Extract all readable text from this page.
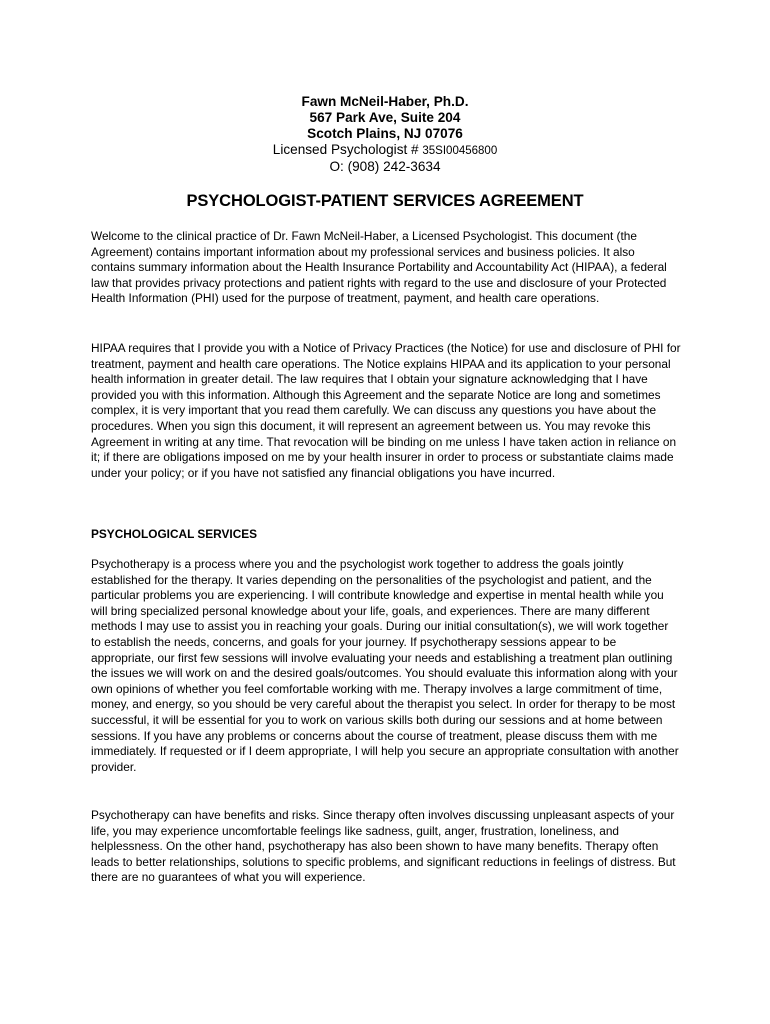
Fawn McNeil-Haber, Ph.D.
567 Park Ave, Suite 204
Scotch Plains, NJ 07076
Licensed Psychologist # 35SI00456800
O: (908) 242-3634
PSYCHOLOGIST-PATIENT SERVICES AGREEMENT

Welcome to the clinical practice of Dr. Fawn McNeil-Haber, a Licensed Psychologist. This document (the Agreement) contains important information about my professional services and business policies. It also contains summary information about the Health Insurance Portability and Accountability Act (HIPAA), a federal law that provides privacy protections and patient rights with regard to the use and disclosure of your Protected Health Information (PHI) used for the purpose of treatment, payment, and health care operations.

HIPAA requires that I provide you with a Notice of Privacy Practices (the Notice) for use and disclosure of PHI for treatment, payment and health care operations. The Notice explains HIPAA and its application to your personal health information in greater detail. The law requires that I obtain your signature acknowledging that I have provided you with this information. Although this Agreement and the separate Notice are long and sometimes complex, it is very important that you read them carefully. We can discuss any questions you have about the procedures. When you sign this document, it will represent an agreement between us. You may revoke this Agreement in writing at any time. That revocation will be binding on me unless I have taken action in reliance on it; if there are obligations imposed on me by your health insurer in order to process or substantiate claims made under your policy; or if you have not satisfied any financial obligations you have incurred.

PSYCHOLOGICAL SERVICES

Psychotherapy is a process where you and the psychologist work together to address the goals jointly established for the therapy. It varies depending on the personalities of the psychologist and patient, and the particular problems you are experiencing. I will contribute knowledge and expertise in mental health while you will bring specialized personal knowledge about your life, goals, and experiences. There are many different methods I may use to assist you in reaching your goals. During our initial consultation(s), we will work together to establish the needs, concerns, and goals for your journey. If psychotherapy sessions appear to be appropriate, our first few sessions will involve evaluating your needs and establishing a treatment plan outlining the issues we will work on and the desired goals/outcomes. You should evaluate this information along with your own opinions of whether you feel comfortable working with me. Therapy involves a large commitment of time, money, and energy, so you should be very careful about the therapist you select. In order for therapy to be most successful, it will be essential for you to work on various skills both during our sessions and at home between sessions. If you have any problems or concerns about the course of treatment, please discuss them with me immediately. If requested or if I deem appropriate, I will help you secure an appropriate consultation with another provider.

Psychotherapy can have benefits and risks. Since therapy often involves discussing unpleasant aspects of your life, you may experience uncomfortable feelings like sadness, guilt, anger, frustration, loneliness, and helplessness. On the other hand, psychotherapy has also been shown to have many benefits. Therapy often leads to better relationships, solutions to specific problems, and significant reductions in feelings of distress. But there are no guarantees of what you will experience.
